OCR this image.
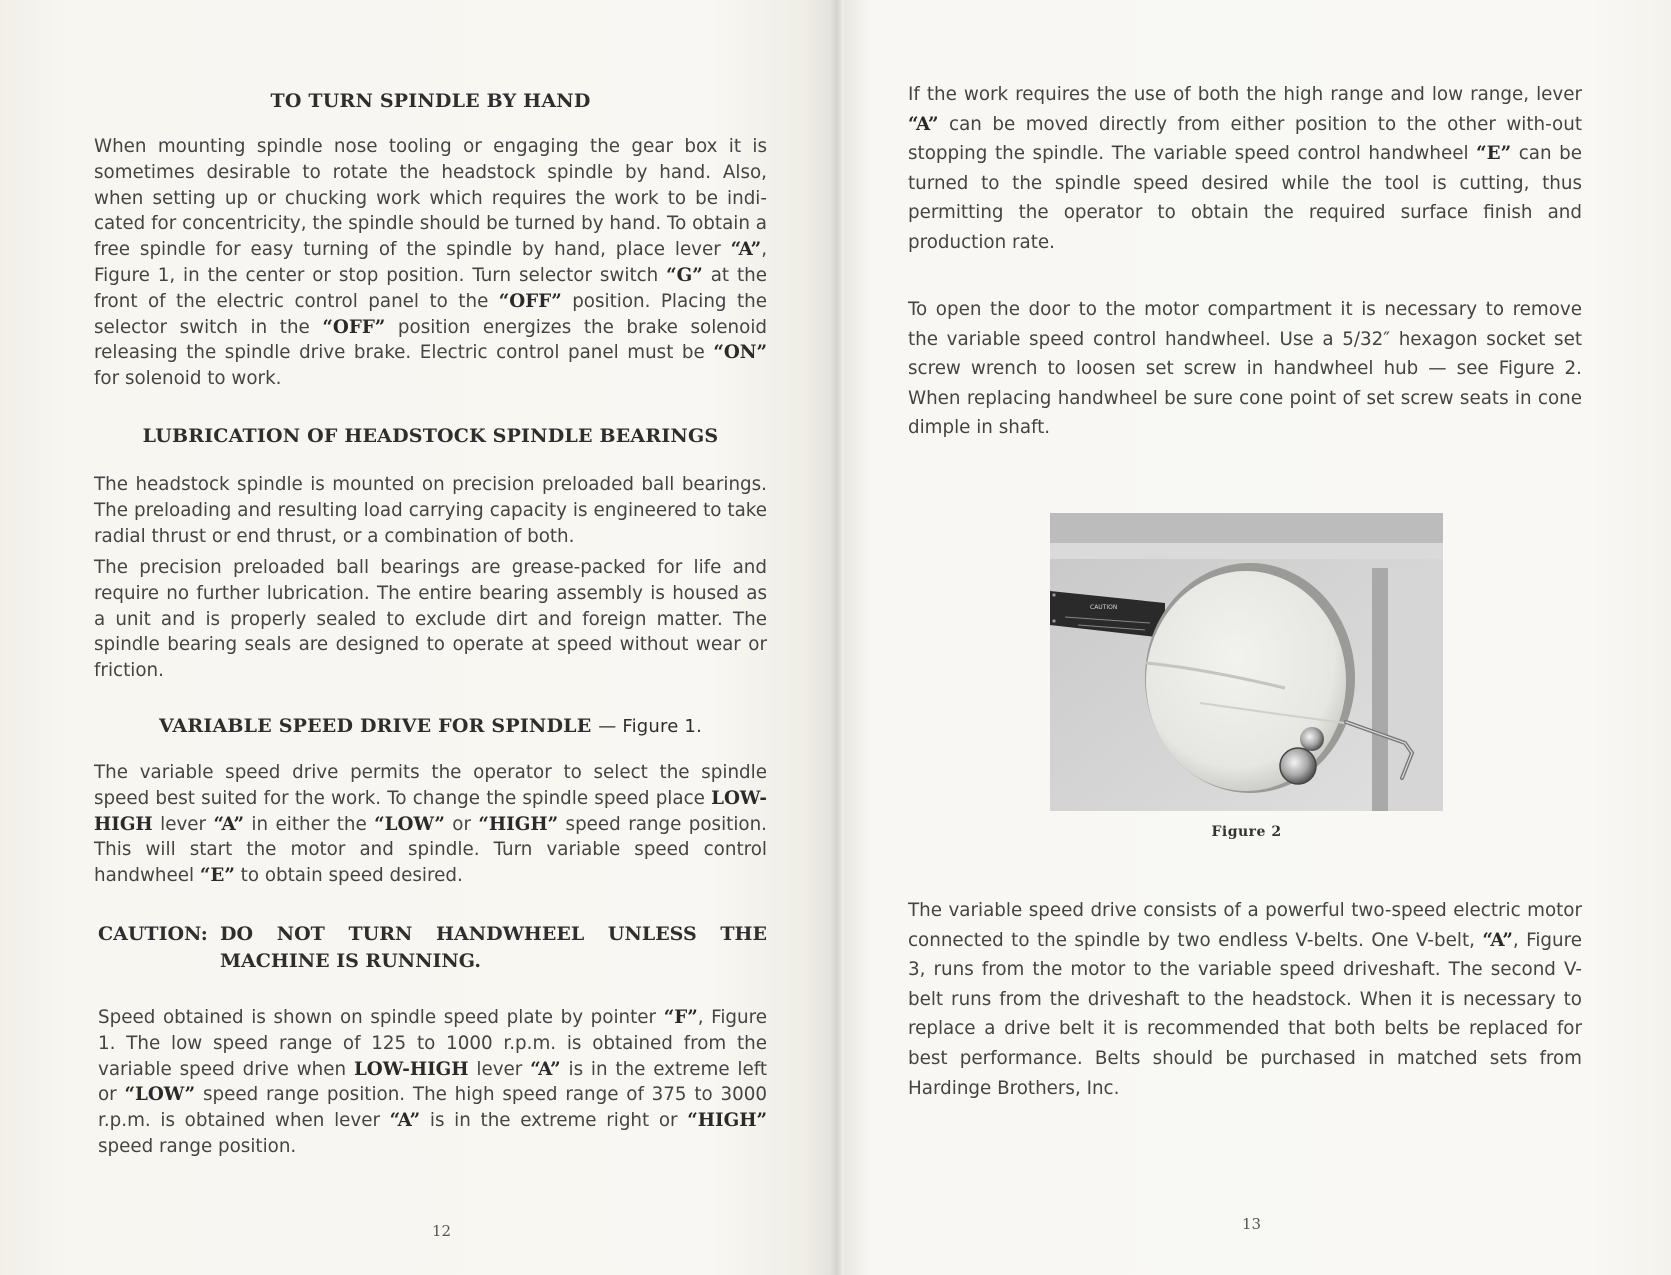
TO TURN SPINDLE BY HAND
When mounting spindle nose tooling or engaging the gear box it is sometimes desirable to rotate the headstock spindle by hand. Also, when setting up or chucking work which requires the work to be indi-cated for concentricity, the spindle should be turned by hand. To obtain a free spindle for easy turning of the spindle by hand, place lever “A”, Figure 1, in the center or stop position. Turn selector switch “G” at the front of the electric control panel to the “OFF” position. Placing the selector switch in the “OFF” position energizes the brake solenoid releasing the spindle drive brake. Electric control panel must be “ON” for solenoid to work.
LUBRICATION OF HEADSTOCK SPINDLE BEARINGS
The headstock spindle is mounted on precision preloaded ball bearings. The preloading and resulting load carrying capacity is engineered to take radial thrust or end thrust, or a combination of both.
The precision preloaded ball bearings are grease-packed for life and require no further lubrication. The entire bearing assembly is housed as a unit and is properly sealed to exclude dirt and foreign matter. The spindle bearing seals are designed to operate at speed without wear or friction.
VARIABLE SPEED DRIVE FOR SPINDLE — Figure 1.
The variable speed drive permits the operator to select the spindle speed best suited for the work. To change the spindle speed place LOW-HIGH lever “A” in either the “LOW” or “HIGH” speed range position. This will start the motor and spindle. Turn variable speed control handwheel “E” to obtain speed desired.
CAUTION: DO NOT TURN HANDWHEEL UNLESS THE MACHINE IS RUNNING.
Speed obtained is shown on spindle speed plate by pointer “F”, Figure 1. The low speed range of 125 to 1000 r.p.m. is obtained from the variable speed drive when LOW-HIGH lever “A” is in the extreme left or “LOW” speed range position. The high speed range of 375 to 3000 r.p.m. is obtained when lever “A” is in the extreme right or “HIGH” speed range position.
12
If the work requires the use of both the high range and low range, lever “A” can be moved directly from either position to the other with-out stopping the spindle. The variable speed control handwheel “E” can be turned to the spindle speed desired while the tool is cutting, thus permitting the operator to obtain the required surface finish and production rate.
To open the door to the motor compartment it is necessary to remove the variable speed control handwheel. Use a 5/32″ hexagon socket set screw wrench to loosen set screw in handwheel hub — see Figure 2. When replacing handwheel be sure cone point of set screw seats in cone dimple in shaft.
The variable speed drive consists of a powerful two-speed electric motor connected to the spindle by two endless V-belts. One V-belt, “A”, Figure 3, runs from the motor to the variable speed driveshaft. The second V-belt runs from the driveshaft to the headstock. When it is necessary to replace a drive belt it is recommended that both belts be replaced for best performance. Belts should be purchased in matched sets from Hardinge Brothers, Inc.
13
CAUTION
Figure 2
